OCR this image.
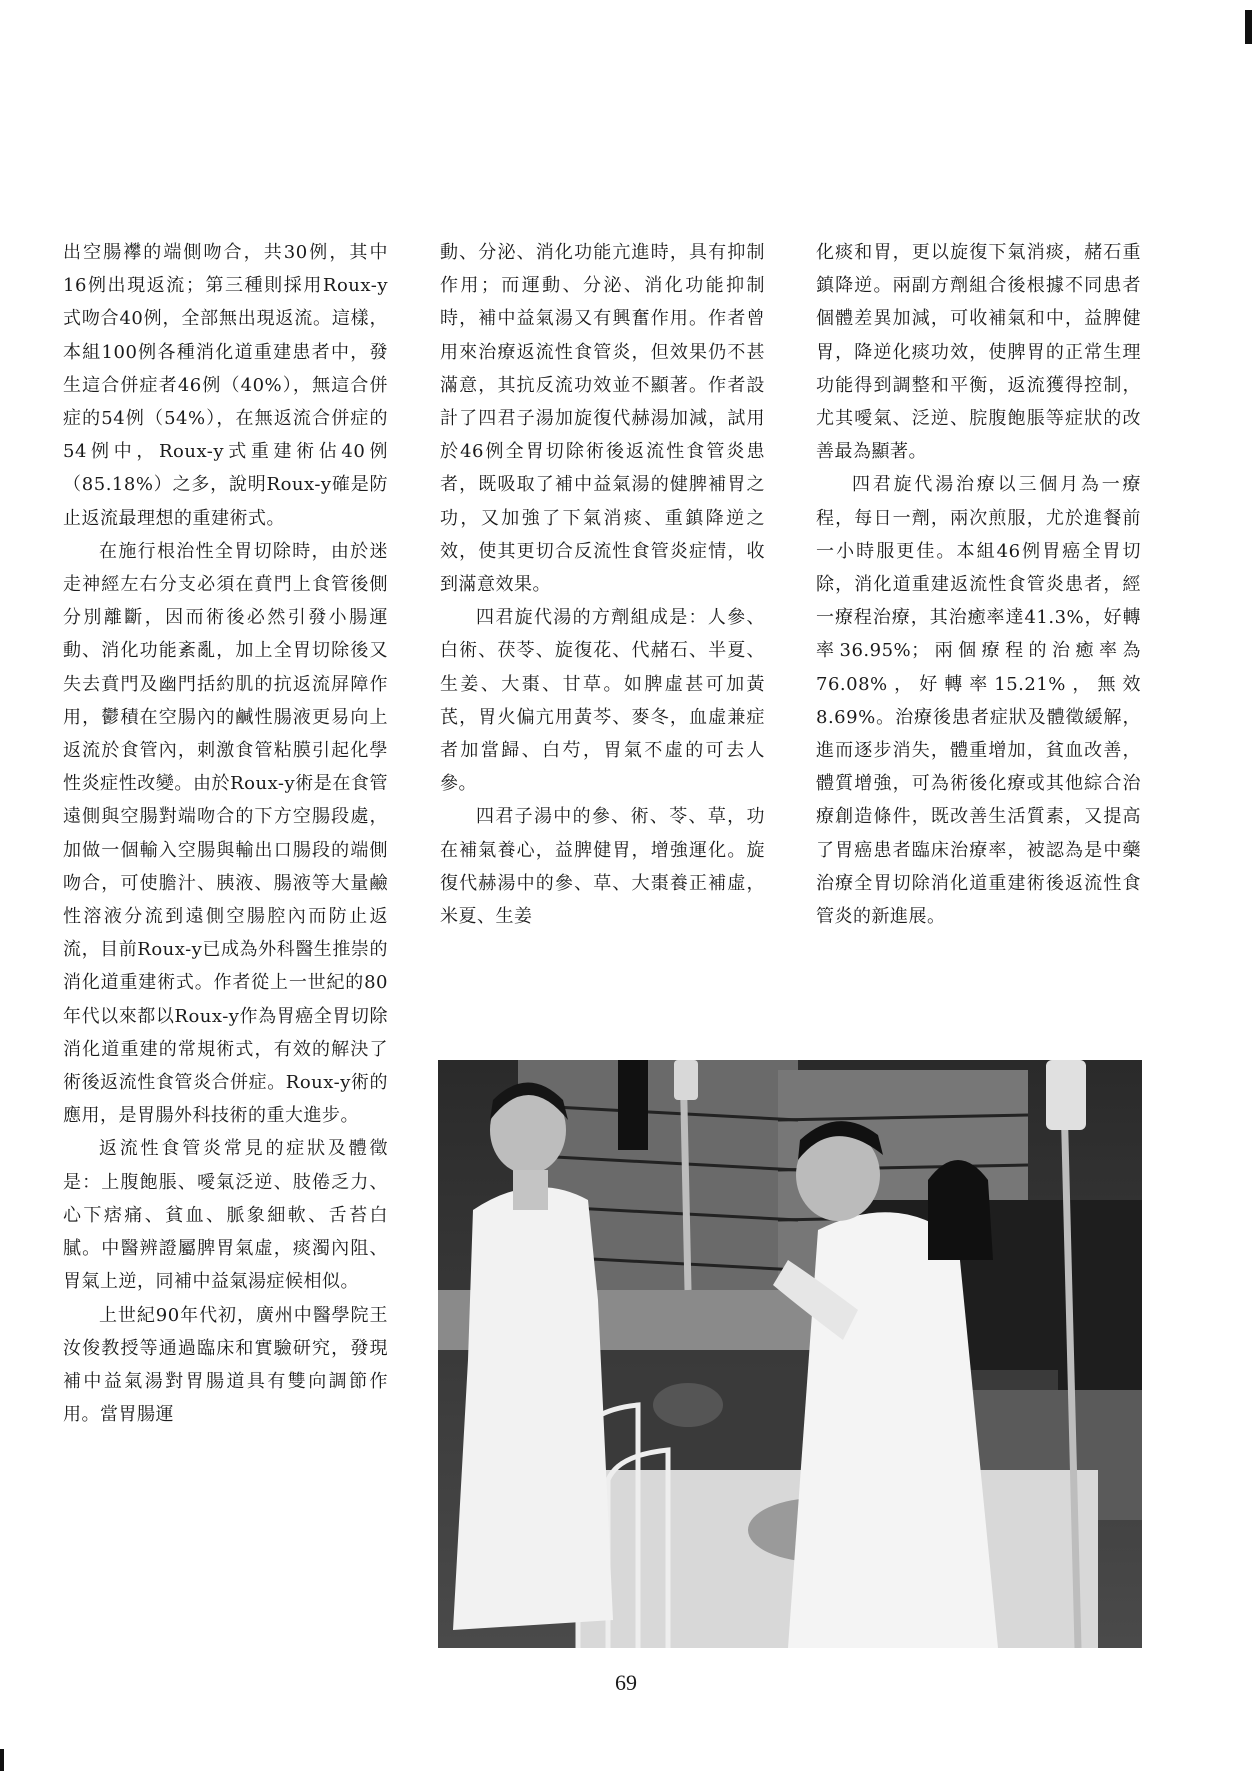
出空腸襻的端側吻合，共30例，其中16例出現返流；第三種則採用Roux-y式吻合40例，全部無出現返流。這樣，本組100例各種消化道重建患者中，發生這合併症者46例（40%），無這合併症的54例（54%），在無返流合併症的54例中，Roux-y式重建術佔40例（85.18%）之多，說明Roux-y確是防止返流最理想的重建術式。

在施行根治性全胃切除時，由於迷走神經左右分支必須在賁門上食管後側分別離斷，因而術後必然引發小腸運動、消化功能紊亂，加上全胃切除後又失去賁門及幽門括約肌的抗返流屏障作用，鬱積在空腸內的鹹性腸液更易向上返流於食管內，刺激食管粘膜引起化學性炎症性改變。由於Roux-y術是在食管遠側與空腸對端吻合的下方空腸段處，加做一個輸入空腸與輸出口腸段的端側吻合，可使膽汁、胰液、腸液等大量鹼性溶液分流到遠側空腸腔內而防止返流，目前Roux-y已成為外科醫生推崇的消化道重建術式。作者從上一世紀的80年代以來都以Roux-y作為胃癌全胃切除消化道重建的常規術式，有效的解決了術後返流性食管炎合併症。Roux-y術的應用，是胃腸外科技術的重大進步。

返流性食管炎常見的症狀及體徵是：上腹飽脹、噯氣泛逆、肢倦乏力、心下痞痛、貧血、脈象細軟、舌苔白膩。中醫辨證屬脾胃氣虛，痰濁內阻、胃氣上逆，同補中益氣湯症候相似。

上世紀90年代初，廣州中醫學院王汝俊教授等通過臨床和實驗研究，發現補中益氣湯對胃腸道具有雙向調節作用。當胃腸運

動、分泌、消化功能亢進時，具有抑制作用；而運動、分泌、消化功能抑制時，補中益氣湯又有興奮作用。作者曾用來治療返流性食管炎，但效果仍不甚滿意，其抗反流功效並不顯著。作者設計了四君子湯加旋復代赫湯加減，試用於46例全胃切除術後返流性食管炎患者，既吸取了補中益氣湯的健脾補胃之功，又加強了下氣消痰、重鎮降逆之效，使其更切合反流性食管炎症情，收到滿意效果。

四君旋代湯的方劑組成是：人參、白術、茯苓、旋復花、代赭石、半夏、生姜、大棗、甘草。如脾虛甚可加黃芪，胃火偏亢用黃芩、麥冬，血虛兼症者加當歸、白芍，胃氣不虛的可去人參。

四君子湯中的參、術、苓、草，功在補氣養心，益脾健胃，增強運化。旋復代赫湯中的參、草、大棗養正補虛，米夏、生姜

化痰和胃，更以旋復下氣消痰，赭石重鎮降逆。兩副方劑組合後根據不同患者個體差異加減，可收補氣和中，益脾健胃，降逆化痰功效，使脾胃的正常生理功能得到調整和平衡，返流獲得控制，尤其噯氣、泛逆、脘腹飽脹等症狀的改善最為顯著。

四君旋代湯治療以三個月為一療程，每日一劑，兩次煎服，尤於進餐前一小時服更佳。本組46例胃癌全胃切除，消化道重建返流性食管炎患者，經一療程治療，其治癒率達41.3%，好轉率36.95%；兩個療程的治癒率為76.08%，好轉率15.21%，無效8.69%。治療後患者症狀及體徵緩解，進而逐步消失，體重增加，貧血改善，體質增強，可為術後化療或其他綜合治療創造條件，既改善生活質素，又提高了胃癌患者臨床治療率，被認為是中藥治療全胃切除消化道重建術後返流性食管炎的新進展。

69
